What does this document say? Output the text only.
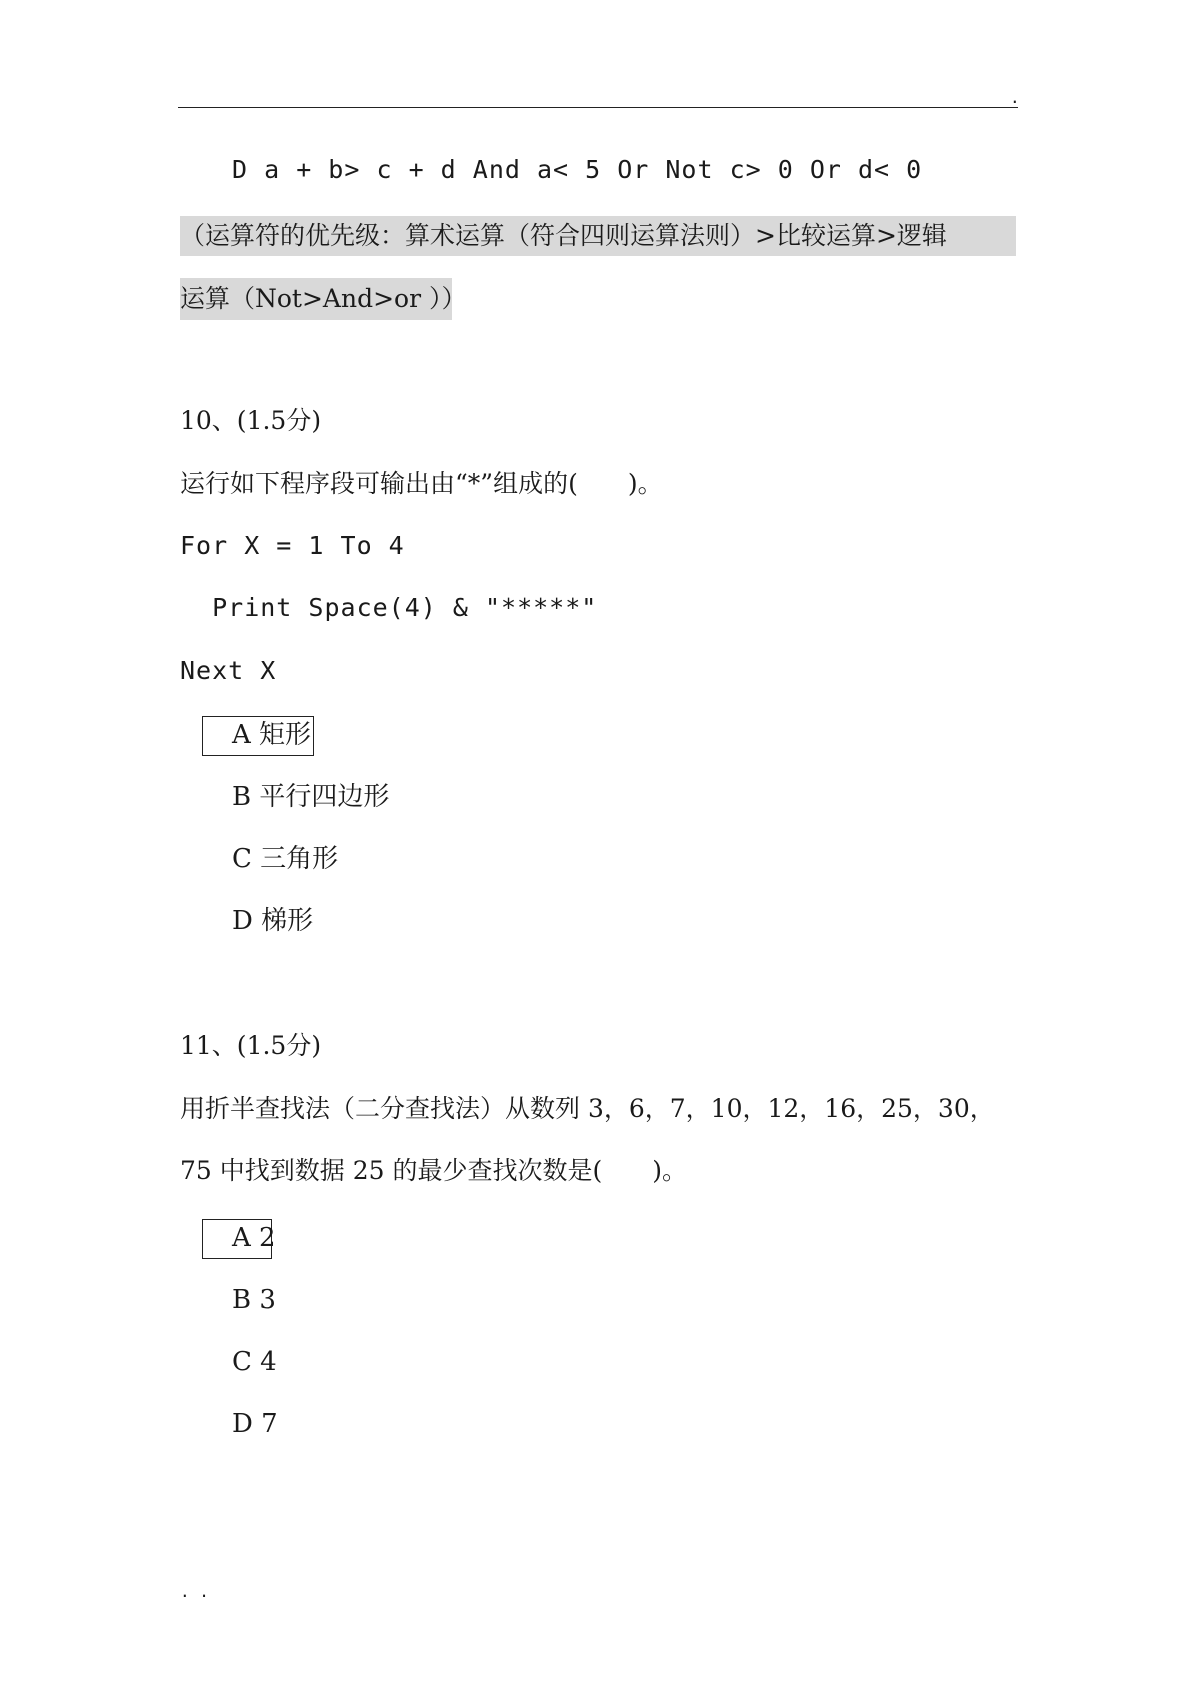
.
D a + b> c + d And a< 5 Or Not c> 0 Or d< 0
（运算符的优先级：算术运算（符合四则运算法则）>比较运算>逻辑
运算（Not>And>or ））
10、(1.5分)
运行如下程序段可输出由“*”组成的(　　)。
For X = 1 To 4
Print Space(4) & "*****"
Next X
A 矩形
B 平行四边形
C 三角形
D 梯形
11、(1.5分)
用折半查找法（二分查找法）从数列 3，6，7，10，12，16，25，30，
75 中找到数据 25 的最少查找次数是(　　)。
A 2
B 3
C 4
D 7
. .
